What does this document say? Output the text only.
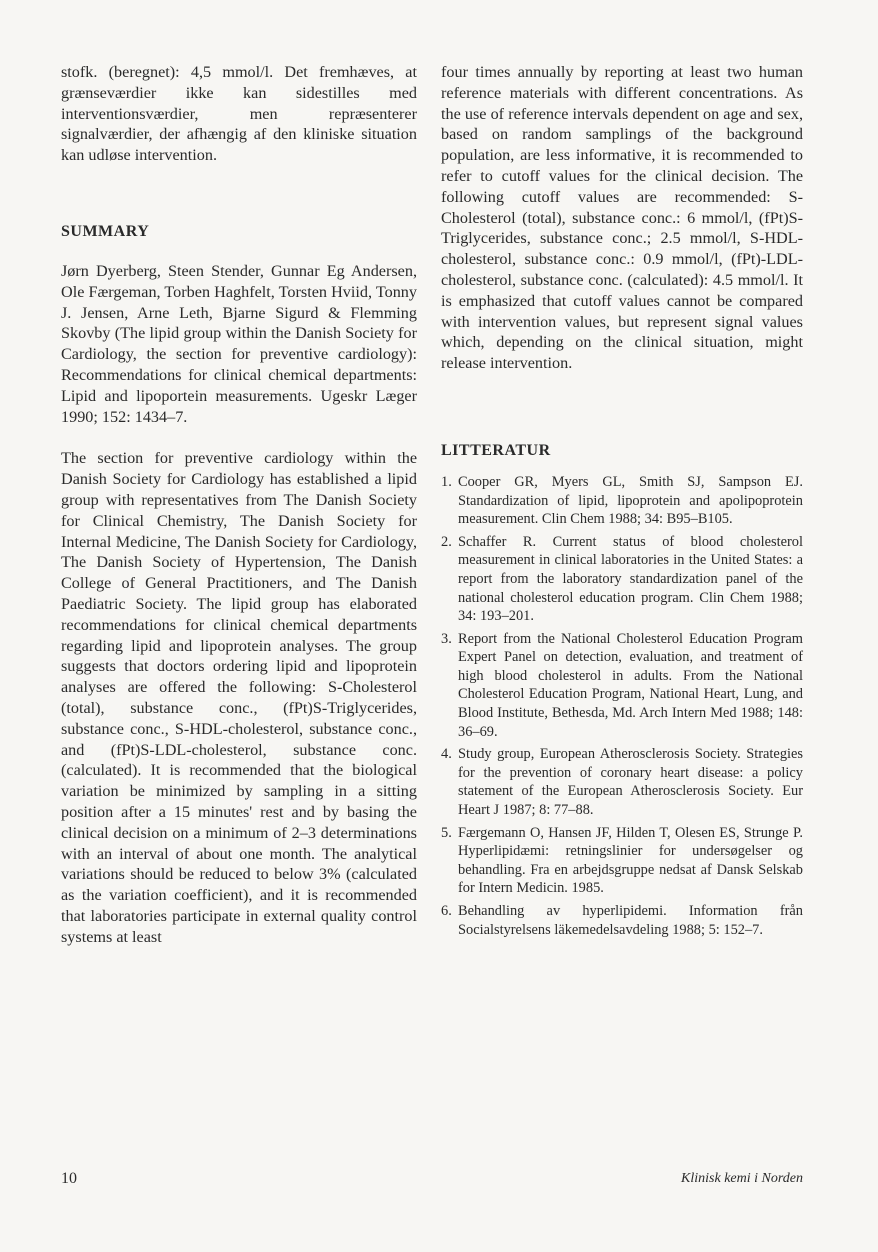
stofk. (beregnet): 4,5 mmol/l. Det fremhæves, at grænseværdier ikke kan sidestilles med interventionsværdier, men repræsenterer signalværdier, der afhængig af den kliniske situation kan udløse intervention.

SUMMARY

Jørn Dyerberg, Steen Stender, Gunnar Eg Andersen, Ole Færgeman, Torben Haghfelt, Torsten Hviid, Tonny J. Jensen, Arne Leth, Bjarne Sigurd & Flemming Skovby (The lipid group within the Danish Society for Cardiology, the section for preventive cardiology): Recommendations for clinical chemical departments: Lipid and lipoportein measurements. Ugeskr Læger 1990; 152: 1434–7.

The section for preventive cardiology within the Danish Society for Cardiology has established a lipid group with representatives from The Danish Society for Clinical Chemistry, The Danish Society for Internal Medicine, The Danish Society for Cardiology, The Danish Society of Hypertension, The Danish College of General Practitioners, and The Danish Paediatric Society. The lipid group has elaborated recommendations for clinical chemical departments regarding lipid and lipoprotein analyses. The group suggests that doctors ordering lipid and lipoprotein analyses are offered the following: S-Cholesterol (total), substance conc., (fPt)S-Triglycerides, substance conc., S-HDL-cholesterol, substance conc., and (fPt)S-LDL-cholesterol, substance conc. (calculated). It is recommended that the biological variation be minimized by sampling in a sitting position after a 15 minutes' rest and by basing the clinical decision on a minimum of 2–3 determinations with an interval of about one month. The analytical variations should be reduced to below 3% (calculated as the variation coefficient), and it is recommended that laboratories participate in external quality control systems at least

four times annually by reporting at least two human reference materials with different concentrations. As the use of reference intervals dependent on age and sex, based on random samplings of the background population, are less informative, it is recommended to refer to cutoff values for the clinical decision. The following cutoff values are recommended: S-Cholesterol (total), substance conc.: 6 mmol/l, (fPt)S-Triglycerides, substance conc.; 2.5 mmol/l, S-HDL-cholesterol, substance conc.: 0.9 mmol/l, (fPt)-LDL-cholesterol, substance conc. (calculated): 4.5 mmol/l. It is emphasized that cutoff values cannot be compared with intervention values, but represent signal values which, depending on the clinical situation, might release intervention.

LITTERATUR
1. Cooper GR, Myers GL, Smith SJ, Sampson EJ. Standardization of lipid, lipoprotein and apolipoprotein measurement. Clin Chem 1988; 34: B95–B105.
2. Schaffer R. Current status of blood cholesterol measurement in clinical laboratories in the United States: a report from the laboratory standardization panel of the national cholesterol education program. Clin Chem 1988; 34: 193–201.
3. Report from the National Cholesterol Education Program Expert Panel on detection, evaluation, and treatment of high blood cholesterol in adults. From the National Cholesterol Education Program, National Heart, Lung, and Blood Institute, Bethesda, Md. Arch Intern Med 1988; 148: 36–69.
4. Study group, European Atherosclerosis Society. Strategies for the prevention of coronary heart disease: a policy statement of the European Atherosclerosis Society. Eur Heart J 1987; 8: 77–88.
5. Færgemann O, Hansen JF, Hilden T, Olesen ES, Strunge P. Hyperlipidæmi: retningslinier for undersøgelser og behandling. Fra en arbejdsgruppe nedsat af Dansk Selskab for Intern Medicin. 1985.
6. Behandling av hyperlipidemi. Information från Socialstyrelsens läkemedelsavdeling 1988; 5: 152–7.
10	Klinisk kemi i Norden
